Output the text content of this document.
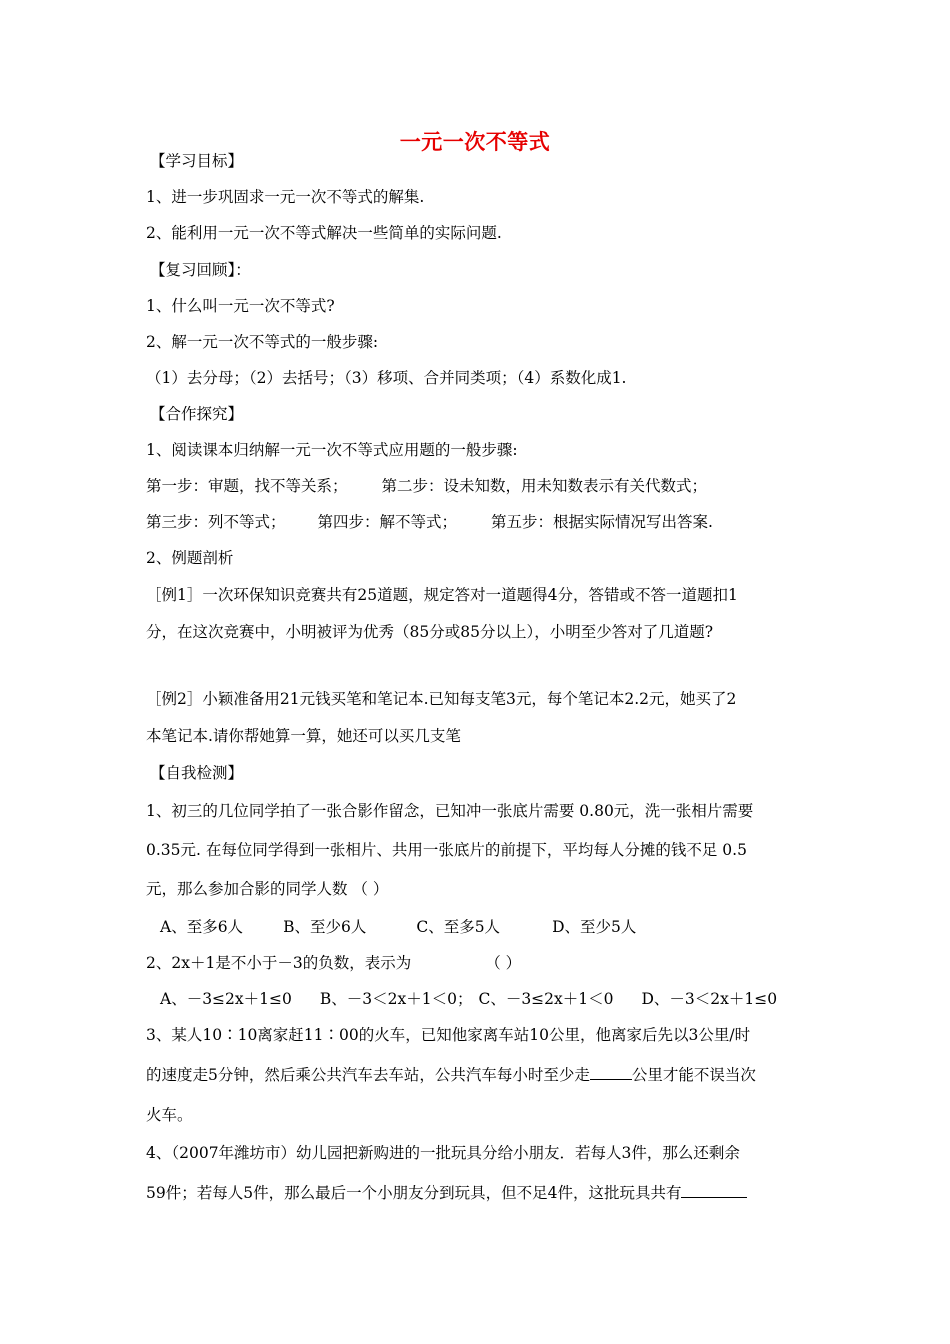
一元一次不等式
【学习目标】
1、进一步巩固求一元一次不等式的解集.
2、能利用一元一次不等式解决一些简单的实际问题.
【复习回顾】：
1、什么叫一元一次不等式?
2、解一元一次不等式的一般步骤:
（1）去分母；（2）去括号；（3）移项、合并同类项；（4）系数化成1.
【合作探究】
1、阅读课本归纳解一元一次不等式应用题的一般步骤:
第一步：审题，找不等关系； 第二步：设未知数，用未知数表示有关代数式；
第三步：列不等式； 第四步：解不等式； 第五步：根据实际情况写出答案.
2、例题剖析
［例1］一次环保知识竞赛共有25道题，规定答对一道题得4分，答错或不答一道题扣1
分，在这次竞赛中，小明被评为优秀（85分或85分以上），小明至少答对了几道题?
［例2］小颖准备用21元钱买笔和笔记本.已知每支笔3元，每个笔记本2.2元，她买了2
本笔记本.请你帮她算一算，她还可以买几支笔
【自我检测】
1、初三的几位同学拍了一张合影作留念，已知冲一张底片需要 0.80元，洗一张相片需要
0.35元. 在每位同学得到一张相片、共用一张底片的前提下，平均每人分摊的钱不足 0.5
元，那么参加合影的同学人数 （ ）
A、至多6人	B、至少6人	C、至多5人	D、至少5人
2、2x＋1是不小于－3的负数，表示为	（ ）
A、－3≤2x＋1≤0 B、－3＜2x＋1＜0； C、－3≤2x＋1＜0 D、－3＜2x＋1≤0
3、某人10∶10离家赶11∶00的火车，已知他家离车站10公里，他离家后先以3公里/时
的速度走5分钟，然后乘公共汽车去车站，公共汽车每小时至少走	公里才能不误当次
火车。
4、（2007年潍坊市）幼儿园把新购进的一批玩具分给小朋友．若每人3件，那么还剩余
59件；若每人5件，那么最后一个小朋友分到玩具，但不足4件，这批玩具共有
